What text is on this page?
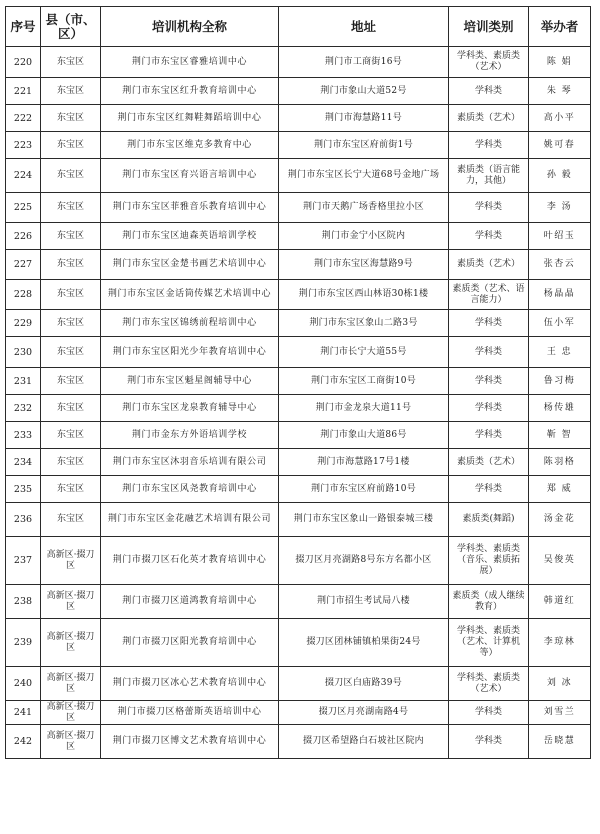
序号	县（市、区）	培训机构全称	地址	培训类别	举办者
220	东宝区	荆门市东宝区睿雅培训中心	荆门市工商街16号	学科类、素质类（艺术）	陈 娟
221	东宝区	荆门市东宝区红升教育培训中心	荆门市象山大道52号	学科类	朱 琴
222	东宝区	荆门市东宝区红舞鞋舞蹈培训中心	荆门市海慧路11号	素质类（艺术）	高小平
223	东宝区	荆门市东宝区维克多教育中心	荆门市东宝区府前街1号	学科类	姚可春
224	东宝区	荆门市东宝区育兴语言培训中心	荆门市东宝区长宁大道68号金地广场	素质类（语言能力，其他）	孙 毅
225	东宝区	荆门市东宝区菲雅音乐教育培训中心	荆门市天鹅广场香格里拉小区	学科类	李 汤
226	东宝区	荆门市东宝区迪森英语培训学校	荆门市金宁小区院内	学科类	叶绍玉
227	东宝区	荆门市东宝区金楚书画艺术培训中心	荆门市东宝区海慧路9号	素质类（艺术）	张杏云
228	东宝区	荆门市东宝区金话筒传媒艺术培训中心	荆门市东宝区西山林语30栋1楼	素质类（艺术、语言能力）	杨晶晶
229	东宝区	荆门市东宝区锦绣前程培训中心	荆门市东宝区象山二路3号	学科类	伍小军
230	东宝区	荆门市东宝区阳光少年教育培训中心	荆门市长宁大道55号	学科类	王 忠
231	东宝区	荆门市东宝区魁星阁辅导中心	荆门市东宝区工商街10号	学科类	鲁习梅
232	东宝区	荆门市东宝区龙泉教育辅导中心	荆门市金龙泉大道11号	学科类	杨传雄
233	东宝区	荆门市金东方外语培训学校	荆门市象山大道86号	学科类	靳 智
234	东宝区	荆门市东宝区沐羽音乐培训有限公司	荆门市海慧路17号1楼	素质类（艺术）	陈羽格
235	东宝区	荆门市东宝区风尧教育培训中心	荆门市东宝区府前路10号	学科类	郑 威
236	东宝区	荆门市东宝区金花融艺术培训有限公司	荆门市东宝区象山一路银泰城三楼	素质类(舞蹈)	汤金花
237	高新区·掇刀区	荆门市掇刀区石化英才教育培训中心	掇刀区月亮湖路8号东方名都小区	学科类、素质类（音乐、素质拓展）	吴俊英
238	高新区·掇刀区	荆门市掇刀区道鸿教育培训中心	荆门市招生考试局八楼	素质类（成人继续教育）	韩道红
239	高新区·掇刀区	荆门市掇刀区阳光教育培训中心	掇刀区团林铺镇柏果街24号	学科类、素质类（艺术、计算机等）	李琼林
240	高新区·掇刀区	荆门市掇刀区冰心艺术教育培训中心	掇刀区白庙路39号	学科类、素质类（艺术）	刘 冰
241	高新区·掇刀区	荆门市掇刀区格蕾斯英语培训中心	掇刀区月亮湖南路4号	学科类	刘雪兰
242	高新区·掇刀区	荆门市掇刀区博文艺术教育培训中心	掇刀区希望路白石坡社区院内	学科类	岳晓慧
